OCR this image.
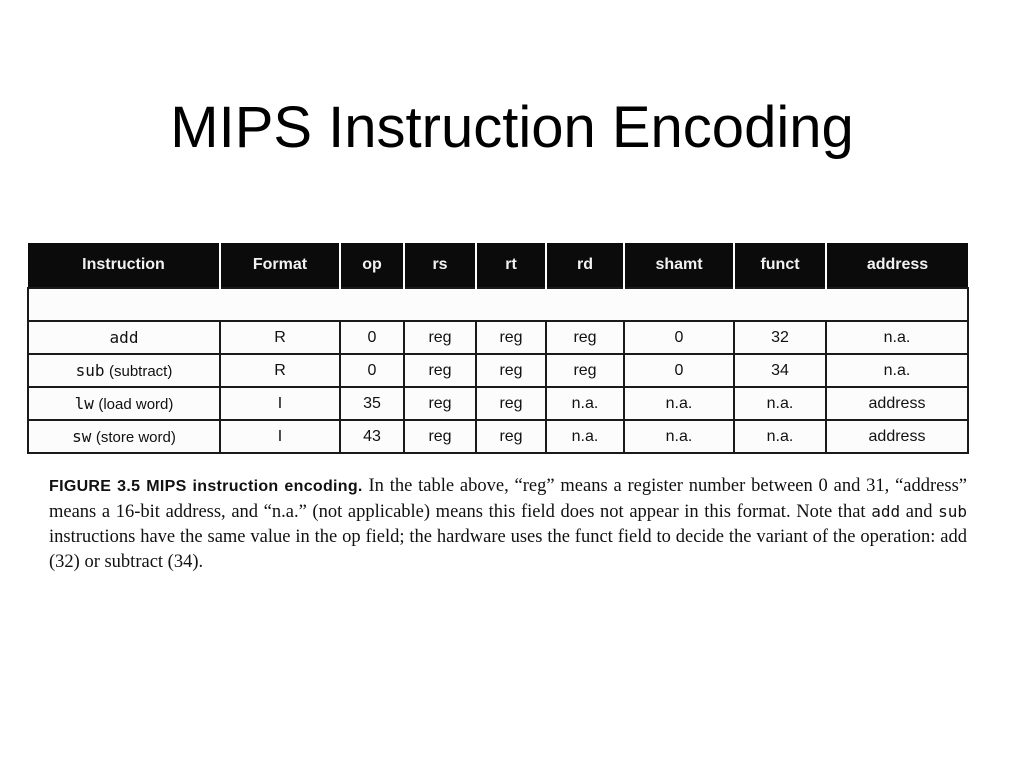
MIPS Instruction Encoding
Instruction	Format	op	rs	rt	rd	shamt	funct	address

add	R	0	reg	reg	reg	0	32	n.a.
sub (subtract)	R	0	reg	reg	reg	0	34	n.a.
lw (load word)	I	35	reg	reg	n.a.	n.a.	n.a.	address
sw (store word)	I	43	reg	reg	n.a.	n.a.	n.a.	address
FIGURE 3.5 MIPS instruction encoding. In the table above, “reg” means a register number between 0 and 31, “address” means a 16-bit address, and “n.a.” (not applicable) means this field does not appear in this format. Note that add and sub instructions have the same value in the op field; the hardware uses the funct field to decide the variant of the operation: add (32) or subtract (34).
